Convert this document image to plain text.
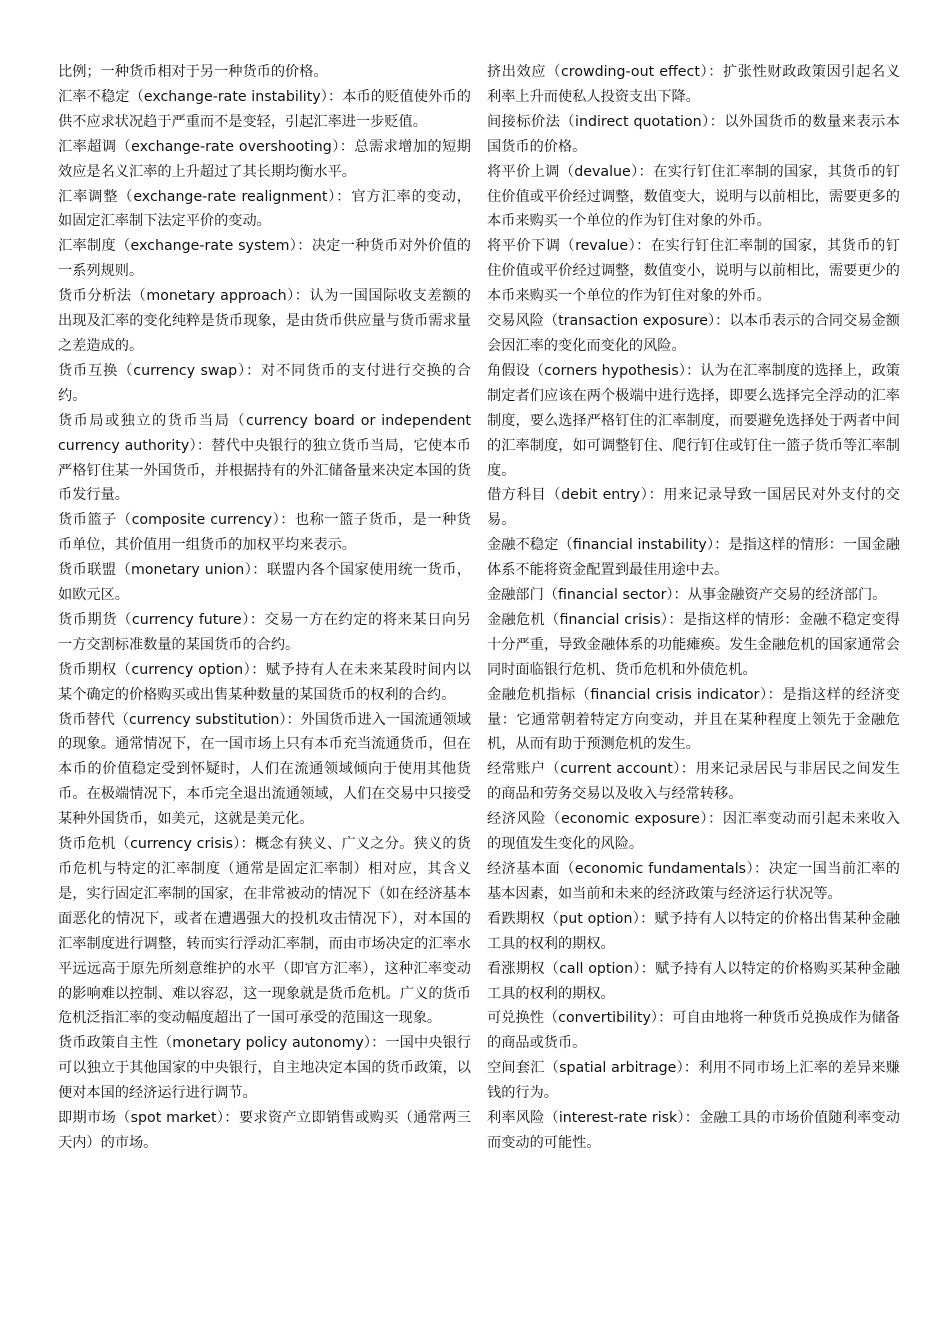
比例；一种货币相对于另一种货币的价格。

汇率不稳定（exchange-rate instability）：本币的贬值使外币的供不应求状况趋于严重而不是变轻，引起汇率进一步贬值。

汇率超调（exchange-rate overshooting）：总需求增加的短期效应是名义汇率的上升超过了其长期均衡水平。

汇率调整（exchange-rate realignment）：官方汇率的变动，如固定汇率制下法定平价的变动。

汇率制度（exchange-rate system）：决定一种货币对外价值的一系列规则。

货币分析法（monetary approach）：认为一国国际收支差额的出现及汇率的变化纯粹是货币现象，是由货币供应量与货币需求量之差造成的。

货币互换（currency swap）：对不同货币的支付进行交换的合约。

货币局或独立的货币当局（currency board or independent currency authority）：替代中央银行的独立货币当局，它使本币严格钉住某一外国货币，并根据持有的外汇储备量来决定本国的货币发行量。

货币篮子（composite currency）：也称一篮子货币，是一种货币单位，其价值用一组货币的加权平均来表示。

货币联盟（monetary union）：联盟内各个国家使用统一货币，如欧元区。

货币期货（currency future）：交易一方在约定的将来某日向另一方交割标准数量的某国货币的合约。

货币期权（currency option）：赋予持有人在未来某段时间内以某个确定的价格购买或出售某种数量的某国货币的权利的合约。

货币替代（currency substitution）：外国货币进入一国流通领域的现象。通常情况下，在一国市场上只有本币充当流通货币，但在本币的价值稳定受到怀疑时，人们在流通领域倾向于使用其他货币。在极端情况下，本币完全退出流通领域，人们在交易中只接受某种外国货币，如美元，这就是美元化。

货币危机（currency crisis）：概念有狭义、广义之分。狭义的货币危机与特定的汇率制度（通常是固定汇率制）相对应，其含义是，实行固定汇率制的国家，在非常被动的情况下（如在经济基本面恶化的情况下，或者在遭遇强大的投机攻击情况下），对本国的汇率制度进行调整，转而实行浮动汇率制，而由市场决定的汇率水平远远高于原先所刻意维护的水平（即官方汇率），这种汇率变动的影响难以控制、难以容忍，这一现象就是货币危机。广义的货币危机泛指汇率的变动幅度超出了一国可承受的范围这一现象。

货币政策自主性（monetary policy autonomy）：一国中央银行可以独立于其他国家的中央银行，自主地决定本国的货币政策，以便对本国的经济运行进行调节。

即期市场（spot market）：要求资产立即销售或购买（通常两三天内）的市场。

挤出效应（crowding-out effect）：扩张性财政政策因引起名义利率上升而使私人投资支出下降。

间接标价法（indirect quotation）：以外国货币的数量来表示本国货币的价格。

将平价上调（devalue）：在实行钉住汇率制的国家，其货币的钉住价值或平价经过调整，数值变大，说明与以前相比，需要更多的本币来购买一个单位的作为钉住对象的外币。

将平价下调（revalue）：在实行钉住汇率制的国家，其货币的钉住价值或平价经过调整，数值变小，说明与以前相比，需要更少的本币来购买一个单位的作为钉住对象的外币。

交易风险（transaction exposure）：以本币表示的合同交易金额会因汇率的变化而变化的风险。

角假设（corners hypothesis）：认为在汇率制度的选择上，政策制定者们应该在两个极端中进行选择，即要么选择完全浮动的汇率制度，要么选择严格钉住的汇率制度，而要避免选择处于两者中间的汇率制度，如可调整钉住、爬行钉住或钉住一篮子货币等汇率制度。

借方科目（debit entry）：用来记录导致一国居民对外支付的交易。

金融不稳定（financial instability）：是指这样的情形：一国金融体系不能将资金配置到最佳用途中去。

金融部门（financial sector）：从事金融资产交易的经济部门。

金融危机（financial crisis）：是指这样的情形：金融不稳定变得十分严重，导致金融体系的功能瘫痪。发生金融危机的国家通常会同时面临银行危机、货币危机和外债危机。

金融危机指标（financial crisis indicator）：是指这样的经济变量：它通常朝着特定方向变动，并且在某种程度上领先于金融危机，从而有助于预测危机的发生。

经常账户（current account）：用来记录居民与非居民之间发生的商品和劳务交易以及收入与经常转移。

经济风险（economic exposure）：因汇率变动而引起未来收入的现值发生变化的风险。

经济基本面（economic fundamentals）：决定一国当前汇率的基本因素，如当前和未来的经济政策与经济运行状况等。

看跌期权（put option）：赋予持有人以特定的价格出售某种金融工具的权利的期权。

看涨期权（call option）：赋予持有人以特定的价格购买某种金融工具的权利的期权。

可兑换性（convertibility）：可自由地将一种货币兑换成作为储备的商品或货币。

空间套汇（spatial arbitrage）：利用不同市场上汇率的差异来赚钱的行为。

利率风险（interest-rate risk）：金融工具的市场价值随利率变动而变动的可能性。
